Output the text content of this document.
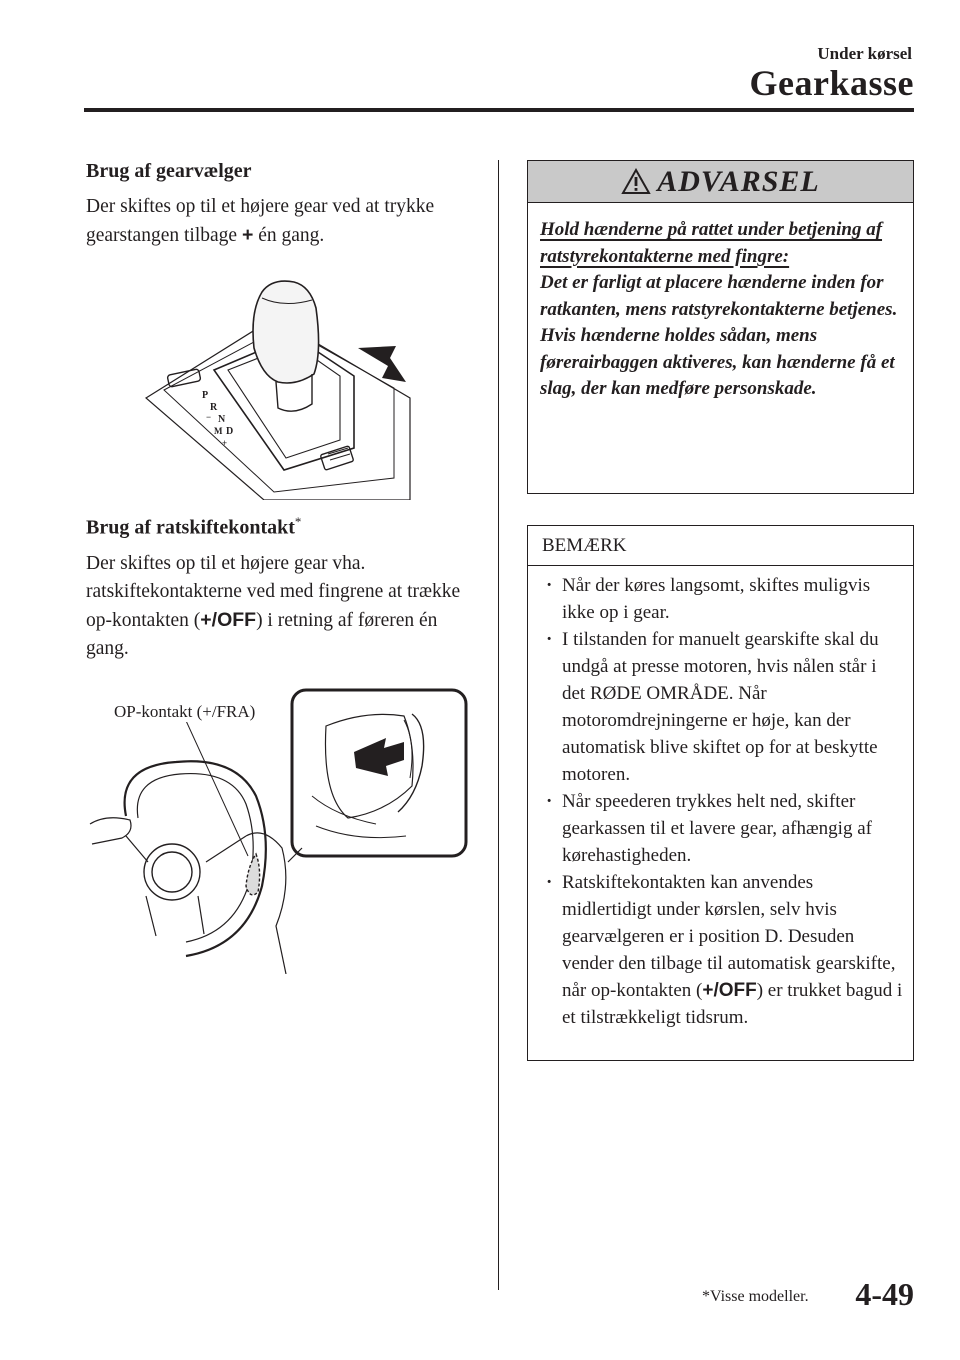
Under kørsel
Gearkasse
Brug af gearvælger

Der skiftes op til et højere gear ved at trykke gearstangen tilbage + én gang.

Brug af ratskiftekontakt*

Der skiftes op til et højere gear vha. ratskiftekontakterne ved med fingrene at trække op-kontakten (+/OFF) i retning af føreren én gang.

P
R
N
D
M
+
−
OP-kontakt (+/FRA)
ADVARSEL
Hold hænderne på rattet under betjening af ratstyrekontakterne med fingre:
Det er farligt at placere hænderne inden for ratkanten, mens ratstyrekontakterne betjenes. Hvis hænderne holdes sådan, mens førerairbaggen aktiveres, kan hænderne få et slag, der kan medføre personskade.
BEMÆRK
· Når der køres langsomt, skiftes muligvis ikke op i gear.
· I tilstanden for manuelt gearskifte skal du undgå at presse motoren, hvis nålen står i det RØDE OMRÅDE. Når motoromdrejningerne er høje, kan der automatisk blive skiftet op for at beskytte motoren.
· Når speederen trykkes helt ned, skifter gearkassen til et lavere gear, afhængig af kørehastigheden.
· Ratskiftekontakten kan anvendes midlertidigt under kørslen, selv hvis gearvælgeren er i position D. Desuden vender den tilbage til automatisk gearskifte, når op-kontakten (+/OFF) er trukket bagud i et tilstrækkeligt tidsrum.
*Visse modeller. 4-49
